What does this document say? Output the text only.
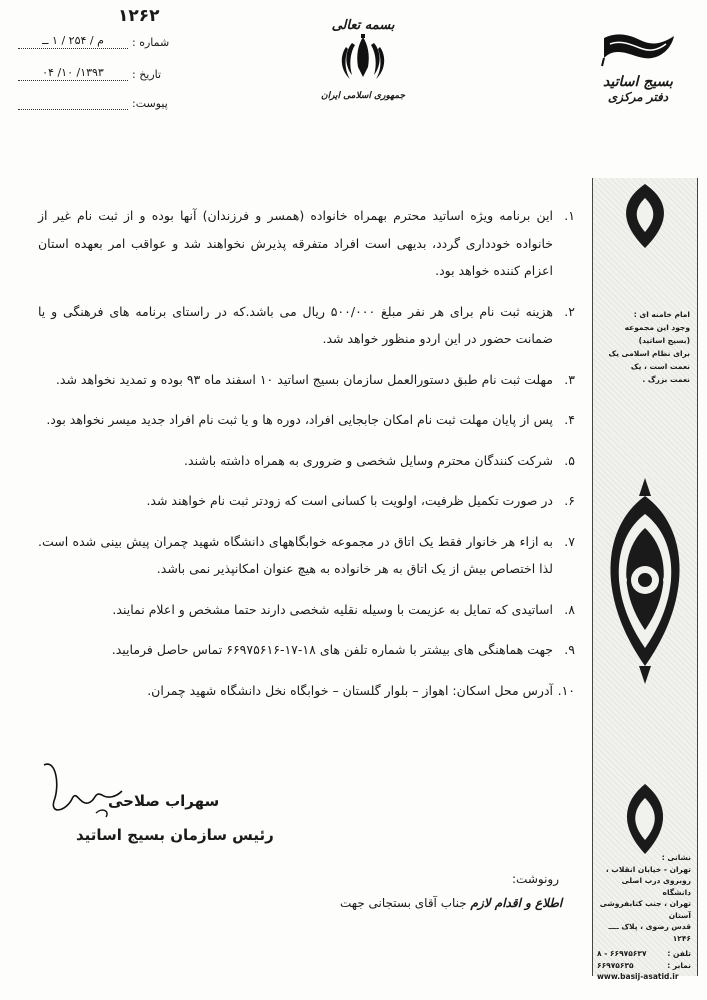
۱۲۶۲
شماره :
م / ۲۵۴ / ۱ ــ
تاریخ :
۱۳۹۳/ ۱۰/ ۰۴
پیوست:
بسمه تعالی
جمهوری اسلامی ایران
بسیج اساتید
دفتر مرکزی
امام خامنه ای :
وجود این مجموعه (بسیج اساتید)
برای نظام اسلامی یک
نعمت است ، یک
نعمت بزرگ .
نشانی :
تهران - خیابان انقلاب ،
روبروی درب اصلی دانشگاه
تهران ، جنب کتابفروشی آستان
قدس رضوی ، پلاک ــــ ۱۲۴۶
تلفن :
۶۶۹۷۵۶۳۷ - ۸
نمابر :
۶۶۹۷۵۶۳۵
www.basij-asatid.ir
۱.
این برنامه ویژه اساتید محترم بهمراه خانواده (همسر و فرزندان) آنها بوده و از ثبت نام غیر از خانواده خودداری گردد، بدیهی است افراد متفرقه پذیرش نخواهند شد و عواقب امر بعهده استان اعزام کننده خواهد بود.
۲.
هزینه ثبت نام برای هر نفر مبلغ ۵۰۰/۰۰۰ ریال می باشد.که در راستای برنامه های فرهنگی و یا ضمانت حضور در این اردو منظور خواهد شد.
۳.
مهلت ثبت نام طبق دستورالعمل سازمان بسیج اساتید ۱۰ اسفند ماه ۹۳ بوده و تمدید نخواهد شد.
۴.
پس از پایان مهلت ثبت نام امکان جابجایی افراد، دوره ها و یا ثبت نام افراد جدید میسر نخواهد بود.
۵.
شرکت کنندگان محترم وسایل شخصی و ضروری به همراه داشته باشند.
۶.
در صورت تکمیل ظرفیت، اولویت با کسانی است که زودتر ثبت نام خواهند شد.
۷.
به ازاء هر خانوار فقط یک اتاق در مجموعه خوابگاههای دانشگاه شهید چمران پیش بینی شده است. لذا اختصاص بیش از یک اتاق به هر خانواده به هیچ عنوان امکانپذیر نمی باشد.
۸.
اساتیدی که تمایل به عزیمت با وسیله نقلیه شخصی دارند حتما مشخص و اعلام نمایند.
۹.
جهت هماهنگی های بیشتر با شماره تلفن های ۱۸-۱۷-۶۶۹۷۵۶۱۶ تماس حاصل فرمایید.
۱۰.
آدرس محل اسکان: اهواز – بلوار گلستان – خوابگاه نخل دانشگاه شهید چمران.
سهراب صلاحی
رئیس سازمان بسیج اساتید
رونوشت:
اطلاع و اقدام لازم جناب آقای بستجانی جهت
